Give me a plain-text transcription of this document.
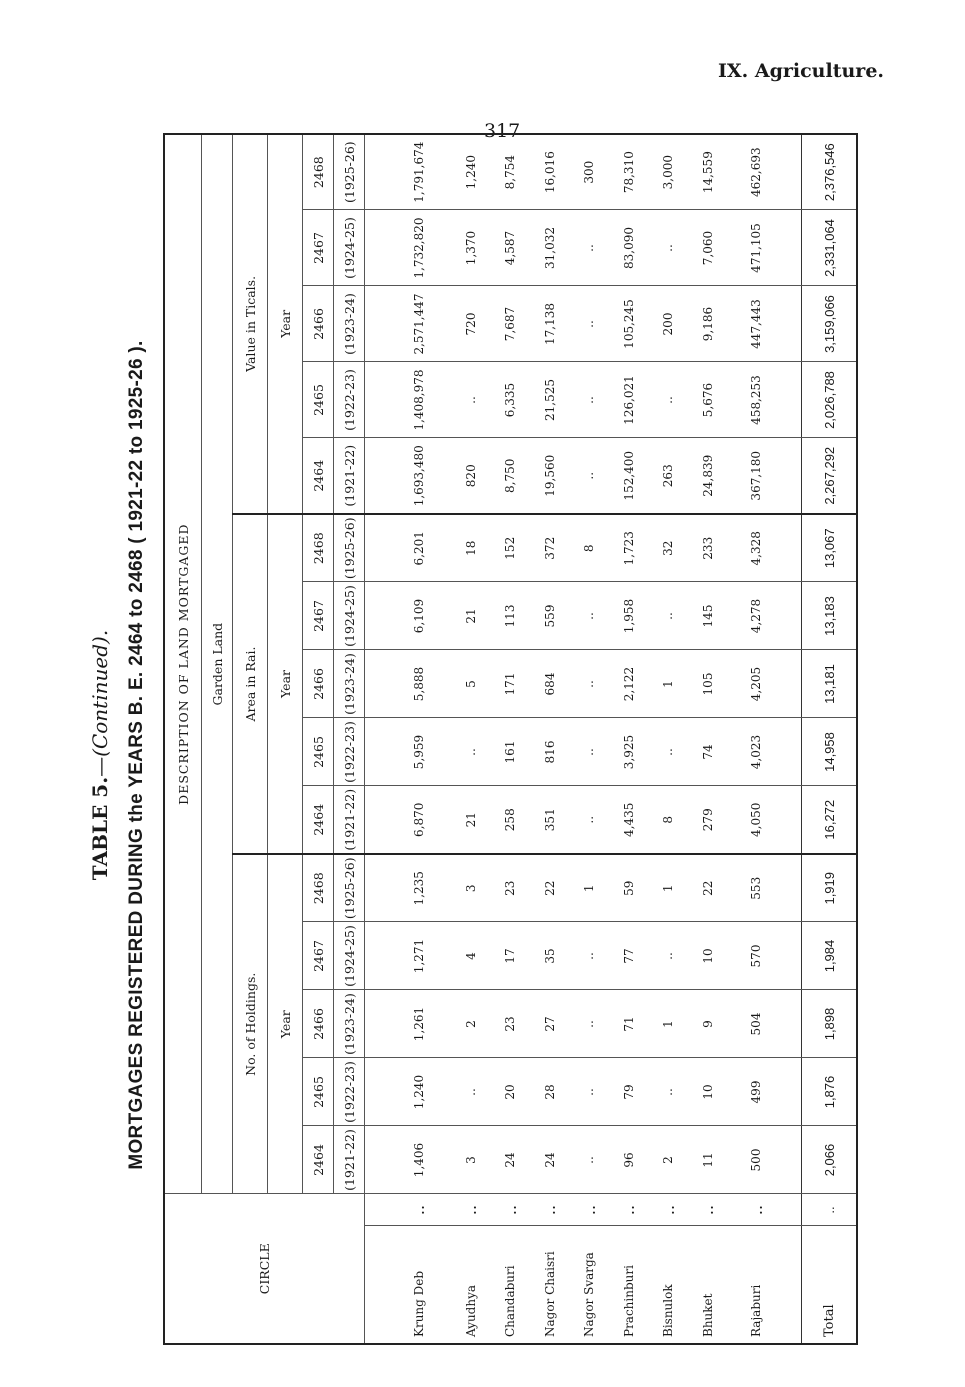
IX. Agriculture.
317
TABLE 5.—(Continued). MORTGAGES REGISTERED DURING the YEARS B. E. 2464 to 2468 ( 1921-22 to 1925-26 ).
CIRCLE		DESCRIPTION OF LAND MORTGAGED														
		Garden Land														
		No. of Holdings.					Area in Rai.					Value in Ticals.				
		Year					Year					Year				
		2464	2465	2466	2467	2468	2464	2465	2466	2467	2468	2464	2465	2466	2467	2468
		(1921-22)	(1922-23)	(1923-24)	(1924-25)	(1925-26)	(1921-22)	(1922-23)	(1923-24)	(1924-25)	(1925-26)	(1921-22)	(1922-23)	(1923-24)	(1924-25)	(1925-26)
Krung Deb	..	1,406	1,240	1,261	1,271	1,235	6,870	5,959	5,888	6,109	6,201	1,693,480	1,408,978	2,571,447	1,732,820	1,791,674
Ayudhya	..	3	..	2	4	3	21	..	5	21	18	820	..	720	1,370	1,240
Chandaburi	..	24	20	23	17	23	258	161	171	113	152	8,750	6,335	7,687	4,587	8,754
Nagor Chaisri	..	24	28	27	35	22	351	816	684	559	372	19,560	21,525	17,138	31,032	16,016
Nagor Svarga	..	..	..	..	..	1	..	..	..	..	8	..	..	..	..	300
Prachinburi	..	96	79	71	77	59	4,435	3,925	2,122	1,958	1,723	152,400	126,021	105,245	83,090	78,310
Bisnulok	..	2	..	1	..	1	8	..	1	..	32	263	..	200	..	3,000
Bhuket	..	11	10	9	10	22	279	74	105	145	233	24,839	5,676	9,186	7,060	14,559
Rajaburi	..	500	499	504	570	553	4,050	4,023	4,205	4,278	4,328	367,180	458,253	447,443	471,105	462,693
Total	..	2,066	1,876	1,898	1,984	1,919	16,272	14,958	13,181	13,183	13,067	2,267,292	2,026,788	3,159,066	2,331,064	2,376,546
